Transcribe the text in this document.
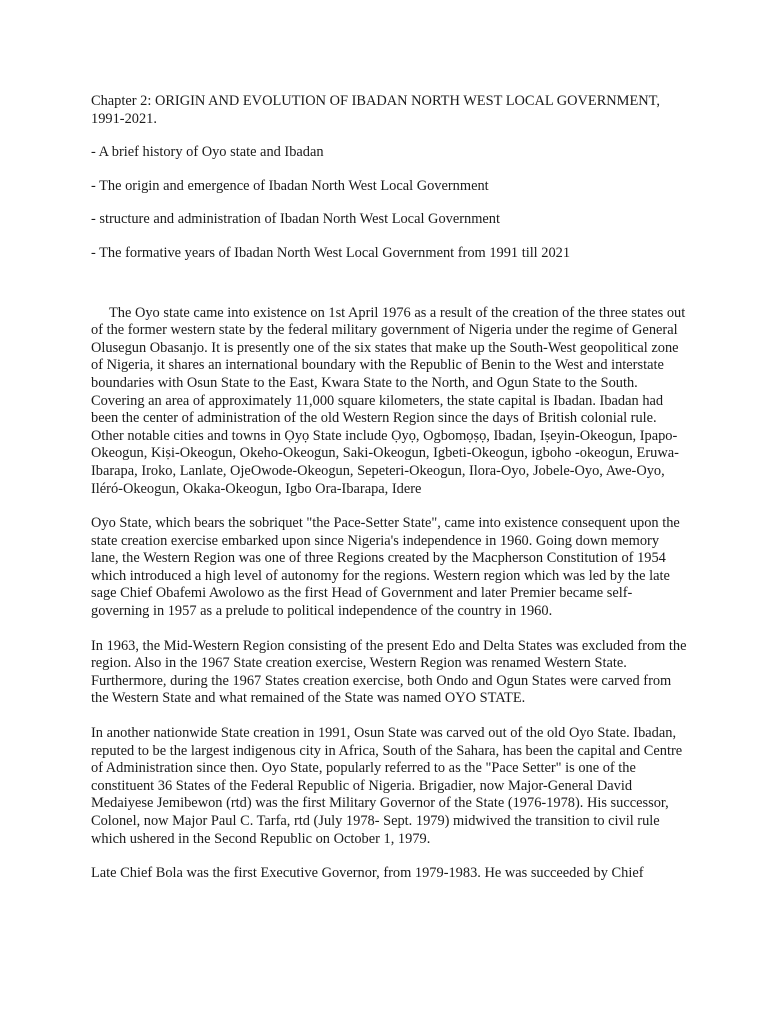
Chapter 2: ORIGIN AND EVOLUTION OF IBADAN NORTH WEST LOCAL GOVERNMENT, 1991-2021.
- A brief history of Oyo state and Ibadan
- The origin and emergence of Ibadan North West Local Government
- structure and administration of Ibadan North West Local Government
- The formative years of Ibadan North West Local Government from 1991 till 2021

The Oyo state came into existence on 1st April 1976 as a result of the creation of the three states out of the former western state by the federal military government of Nigeria under the regime of General Olusegun Obasanjo. It is presently one of the six states that make up the South-West geopolitical zone of Nigeria, it shares an international boundary with the Republic of Benin to the West and interstate boundaries with Osun State to the East, Kwara State to the North, and Ogun State to the South. Covering an area of approximately 11,000 square kilometers, the state capital is Ibadan. Ibadan had been the center of administration of the old Western Region since the days of British colonial rule. Other notable cities and towns in Ọyọ State include Ọyọ, Ogbomọṣọ, Ibadan, Iṣeyin-Okeogun, Ipapo-Okeogun, Kiṣi-Okeogun, Okeho-Okeogun, Saki-Okeogun, Igbeti-Okeogun, igboho -okeogun, Eruwa-Ibarapa, Iroko, Lanlate, OjeOwode-Okeogun, Sepeteri-Okeogun, Ilora-Oyo, Jobele-Oyo, Awe-Oyo, Iléró-Okeogun, Okaka-Okeogun, Igbo Ora-Ibarapa, Idere

Oyo State, which bears the sobriquet "the Pace-Setter State", came into existence consequent upon the state creation exercise embarked upon since Nigeria's independence in 1960. Going down memory lane, the Western Region was one of three Regions created by the Macpherson Constitution of 1954 which introduced a high level of autonomy for the regions. Western region which was led by the late sage Chief Obafemi Awolowo as the first Head of Government and later Premier became self-governing in 1957 as a prelude to political independence of the country in 1960.

In 1963, the Mid-Western Region consisting of the present Edo and Delta States was excluded from the region. Also in the 1967 State creation exercise, Western Region was renamed Western State. Furthermore, during the 1967 States creation exercise, both Ondo and Ogun States were carved from the Western State and what remained of the State was named OYO STATE.

In another nationwide State creation in 1991, Osun State was carved out of the old Oyo State. Ibadan, reputed to be the largest indigenous city in Africa, South of the Sahara, has been the capital and Centre of Administration since then. Oyo State, popularly referred to as the "Pace Setter" is one of the constituent 36 States of the Federal Republic of Nigeria. Brigadier, now Major-General David Medaiyese Jemibewon (rtd) was the first Military Governor of the State (1976-1978). His successor, Colonel, now Major Paul C. Tarfa, rtd (July 1978- Sept. 1979) midwived the transition to civil rule which ushered in the Second Republic on October 1, 1979.

Late Chief Bola was the first Executive Governor, from 1979-1983. He was succeeded by Chief
